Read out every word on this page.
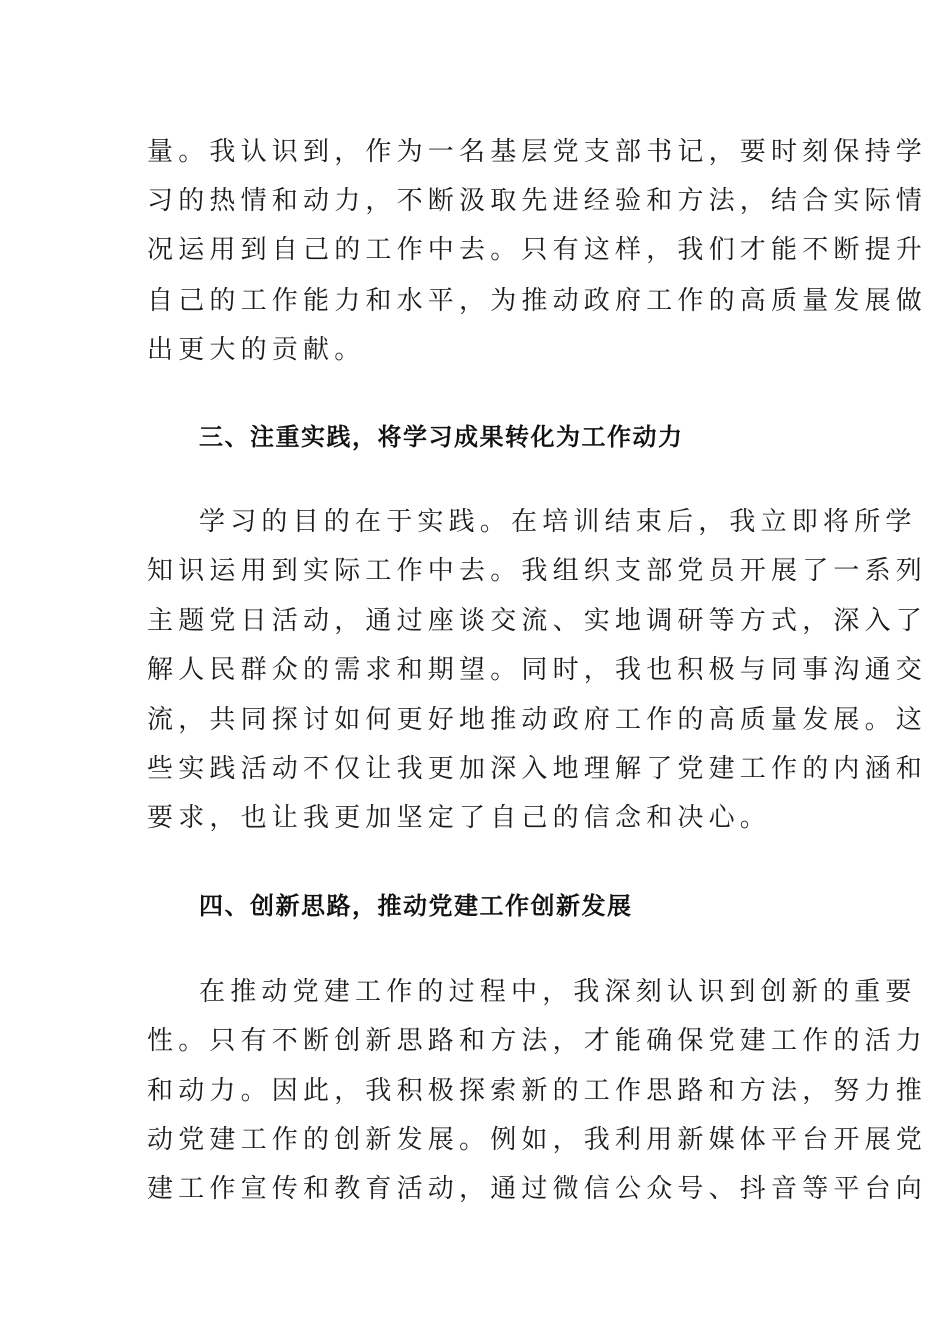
量。我认识到，作为一名基层党支部书记，要时刻保持学
习的热情和动力，不断汲取先进经验和方法，结合实际情
况运用到自己的工作中去。只有这样，我们才能不断提升
自己的工作能力和水平，为推动政府工作的高质量发展做
出更大的贡献。
三、注重实践，将学习成果转化为工作动力
学习的目的在于实践。在培训结束后，我立即将所学
知识运用到实际工作中去。我组织支部党员开展了一系列
主题党日活动，通过座谈交流、实地调研等方式，深入了
解人民群众的需求和期望。同时，我也积极与同事沟通交
流，共同探讨如何更好地推动政府工作的高质量发展。这
些实践活动不仅让我更加深入地理解了党建工作的内涵和
要求，也让我更加坚定了自己的信念和决心。
四、创新思路，推动党建工作创新发展
在推动党建工作的过程中，我深刻认识到创新的重要
性。只有不断创新思路和方法，才能确保党建工作的活力
和动力。因此，我积极探索新的工作思路和方法，努力推
动党建工作的创新发展。例如，我利用新媒体平台开展党
建工作宣传和教育活动，通过微信公众号、抖音等平台向
